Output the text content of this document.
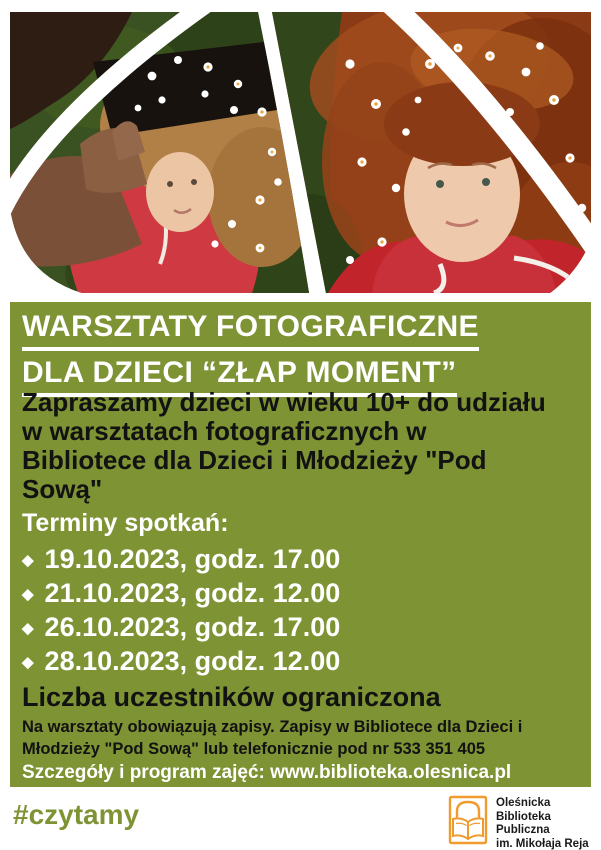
WARSZTATY FOTOGRAFICZNE
DLA DZIECI “ZŁAP MOMENT”

Zapraszamy dzieci w wieku 10+ do udziału w warsztatach fotograficznych w Bibliotece dla Dzieci i Młodzieży "Pod Sową"

Terminy spotkań:
◆ 19.10.2023, godz. 17.00
◆ 21.10.2023, godz. 12.00
◆ 26.10.2023, godz. 17.00
◆ 28.10.2023, godz. 12.00

Liczba uczestników ograniczona

Na warsztaty obowiązują zapisy. Zapisy w Bibliotece dla Dzieci i Młodzieży "Pod Sową" lub telefonicznie pod nr 533 351 405

Szczegóły i program zajęć: www.biblioteka.olesnica.pl

#czytamy	Oleśnicka
Biblioteka
Publiczna
im. Mikołaja Reja
